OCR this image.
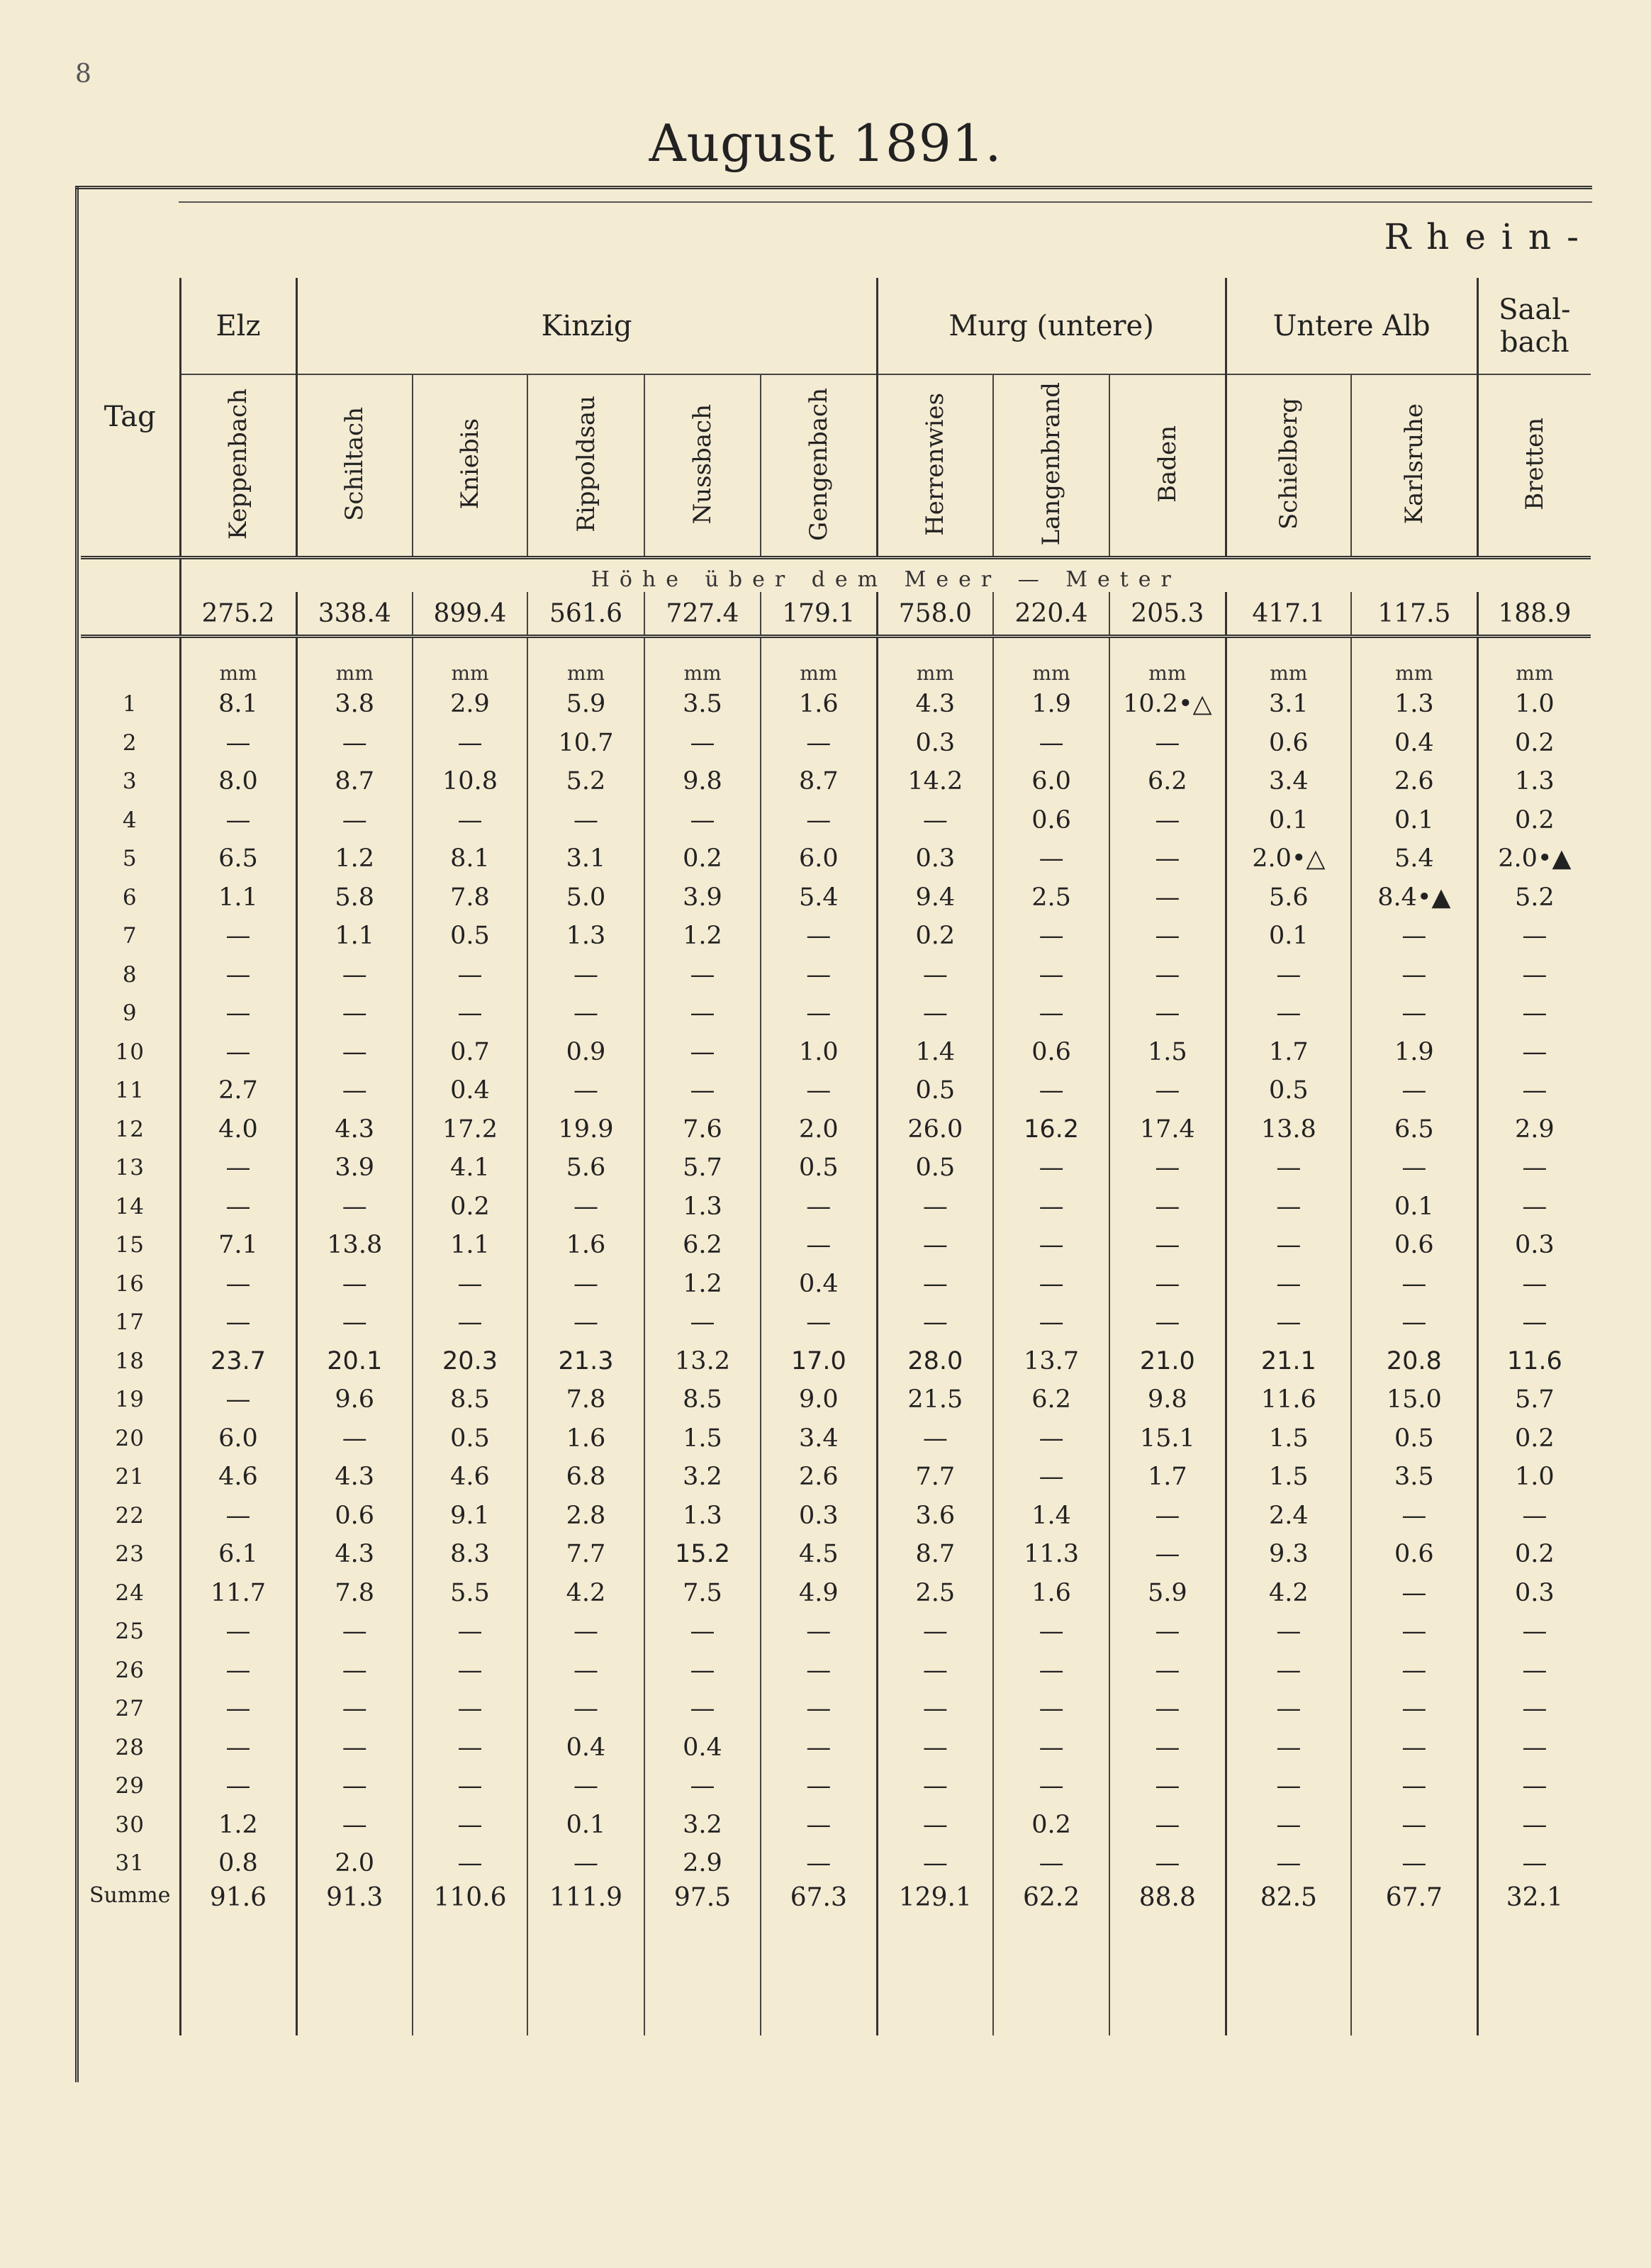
8
August 1891.
Rhein-
Tag	Elz	Kinzig					Murg (untere)			Untere Alb		Saal-bach
	Keppenbach	Schiltach	Kniebis	Rippoldsau	Nussbach	Gengenbach	Herrenwies	Langenbrand	Baden	Schielberg	Karlsruhe	Bretten
	Höhe über dem Meer — Meter											
	275.2	338.4	899.4	561.6	727.4	179.1	758.0	220.4	205.3	417.1	117.5	188.9
	mm	mm	mm	mm	mm	mm	mm	mm	mm	mm	mm	mm
1	8.1	3.8	2.9	5.9	3.5	1.6	4.3	1.9	10.2•△	3.1	1.3	1.0
2	—	—	—	10.7	—	—	0.3	—	—	0.6	0.4	0.2
3	8.0	8.7	10.8	5.2	9.8	8.7	14.2	6.0	6.2	3.4	2.6	1.3
4	—	—	—	—	—	—	—	0.6	—	0.1	0.1	0.2
5	6.5	1.2	8.1	3.1	0.2	6.0	0.3	—	—	2.0•△	5.4	2.0•▲
6	1.1	5.8	7.8	5.0	3.9	5.4	9.4	2.5	—	5.6	8.4•▲	5.2
7	—	1.1	0.5	1.3	1.2	—	0.2	—	—	0.1	—	—
8	—	—	—	—	—	—	—	—	—	—	—	—
9	—	—	—	—	—	—	—	—	—	—	—	—
10	—	—	0.7	0.9	—	1.0	1.4	0.6	1.5	1.7	1.9	—
11	2.7	—	0.4	—	—	—	0.5	—	—	0.5	—	—
12	4.0	4.3	17.2	19.9	7.6	2.0	26.0	16.2	17.4	13.8	6.5	2.9
13	—	3.9	4.1	5.6	5.7	0.5	0.5	—	—	—	—	—
14	—	—	0.2	—	1.3	—	—	—	—	—	0.1	—
15	7.1	13.8	1.1	1.6	6.2	—	—	—	—	—	0.6	0.3
16	—	—	—	—	1.2	0.4	—	—	—	—	—	—
17	—	—	—	—	—	—	—	—	—	—	—	—
18	23.7	20.1	20.3	21.3	13.2	17.0	28.0	13.7	21.0	21.1	20.8	11.6
19	—	9.6	8.5	7.8	8.5	9.0	21.5	6.2	9.8	11.6	15.0	5.7
20	6.0	—	0.5	1.6	1.5	3.4	—	—	15.1	1.5	0.5	0.2
21	4.6	4.3	4.6	6.8	3.2	2.6	7.7	—	1.7	1.5	3.5	1.0
22	—	0.6	9.1	2.8	1.3	0.3	3.6	1.4	—	2.4	—	—
23	6.1	4.3	8.3	7.7	15.2	4.5	8.7	11.3	—	9.3	0.6	0.2
24	11.7	7.8	5.5	4.2	7.5	4.9	2.5	1.6	5.9	4.2	—	0.3
25	—	—	—	—	—	—	—	—	—	—	—	—
26	—	—	—	—	—	—	—	—	—	—	—	—
27	—	—	—	—	—	—	—	—	—	—	—	—
28	—	—	—	0.4	0.4	—	—	—	—	—	—	—
29	—	—	—	—	—	—	—	—	—	—	—	—
30	1.2	—	—	0.1	3.2	—	—	0.2	—	—	—	—
31	0.8	2.0	—	—	2.9	—	—	—	—	—	—	—
Summe	91.6	91.3	110.6	111.9	97.5	67.3	129.1	62.2	88.8	82.5	67.7	32.1
